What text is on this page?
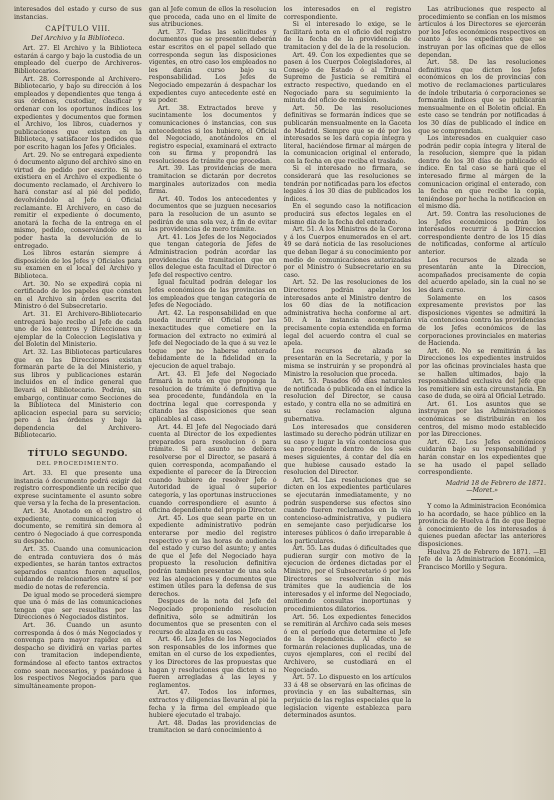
interesados del estado y curso de sus instancias.

CAPÍTULO VIII.
Del Archivo y la Biblioteca.

Art. 27. El Archivo y la Biblioteca estarán á cargo y bajo la custodia de un empleado del cuerpo de Archiveros-Bibliotecarios.

Art. 28. Corresponde al Archivero-Bibliotecario, y bajo su dirección á los empleados y dependientes que tenga á sus órdenes, custodiar, clasificar y ordenar con los oportunos índices los expedientes y documentos que formen el Archivo, los libros, cuadernos y publicaciones que existen en la Biblioteca, y satisfacer los pedidos que por escrito hagan los Jefes y Oficiales.

Art. 29. No se entregará expediente ó documento alguno del archivo sino en virtud de pedido por escrito. Si no existiera en el Archivo el expediente ó documento reclamado, el Archivero lo hará constar así al pié del pedido, devolviéndolo al Jefe ú Oficial reclamante. El Archivero, en caso de remitir el expediente ó documento, anotará la fecha de la entrega en el mismo, pedido, conservándolo en su poder hasta la devolución de lo entregado.

Los libros estarán siempre á disposición de los Jefes y Oficiales para su examen en el local del Archivo y Biblioteca.

Art. 30. No se expedirá copia ni certificado de los papeles que consten en el Archivo sin órden escrita del Ministro ó del Subsecretario.

Art. 31. El Archivero-Bibliotecario entregará bajo recibo al Jefe de cada uno de los centros y Direcciones un ejemplar de la Coleccion Legislativa y del Boletin del Ministerio.

Art. 32. Las Bibliotecas particulares que en las Direcciones existan formarán parte de la del Ministerio, y sus libros y publicaciones estarán incluidos en el índice general que llevará el Bibliotecario. Podrán, sin embargo, continuar como Secciones de la Biblioteca del Ministerio con aplicacion especial para su servicio; pero á las órdenes y bajo la dependencia del Archivero-Bibliotecario.

TÍTULO SEGUNDO.
DEL PROCEDIMIENTO.

Art. 33. El que presente una instancia ó documento podrá exigir del registro correspondiente un recibo que exprese sucintamente el asunto sobre que versa y la fecha de la presentacion.

Art. 34. Anotado en el registro el expediente, comunicacion ó documento, se remitirá sin demora al centro ó Negociado á que corresponda su despacho.

Art. 35. Cuando una comunicacion de entrada contuviera dos ó más expedientes, se harán tantos extractos separados cuantos fueren aquellos, cuidando de relacionarlos entre sí por medio de notas de referencia.

De igual modo se procederá siempre que una ó más de las comunicaciones tengan que ser resueltas por las Direcciones ó Negociados distintos.

Art. 36. Cuando un asunto corresponda á dos ó más Negociados y convenga para mayor rapidez en el despacho se dividirá en varias partes con tramitacion independiente, formándose al efecto tantos extractos como sean necesarios, y pasándose á los respectivos Negociados para que simultáneamente propon-

gan al Jefe comun de ellos la resolucion que proceda, cada uno en el límite de sus atribuciones.

Art. 37. Todas las solicitudes y documentos que se presenten deberán estar escritos en el papel sellado que corresponda segun las disposiciones vigentes, en otro caso los empleados no les darán curso bajo su responsabilidad. Los Jefes de Negociado empezarán á despachar los expedientes cuyo antecedente esté en su poder.

Art. 38. Extractados breve y sucintamente los documentos y comunicaciones ó instancias, con sus antecedentes si los hubiere, el Oficial del Negociado, anotándolos en el registro especial, examinará el extracto con su firma y propondrá las resoluciones de trámite que procedan.

Art. 39. Las providencias de mera tramitacion se dictarán por decretos marginales autorizados con media firma.

Art. 40. Todos los antecedentes y documentos que se juzguen necesarios para la resolucion de un asunto se pedirán de una sola vez, á fin de evitar las providencias de mero trámite.

Art. 41. Los Jefes de los Negociados que tengan categoría de Jefes de Administracion podrán acordar las providencias de tramitacion que en ellos delegue esta facultad el Director ó Jefe del respectivo centro.

Igual facultad podrán delegar los Jefes económicos de las provincias en los empleados que tengan categoría de Jefes de Negociado.

Art. 42. La responsabilidad en que pueda incurrir el Oficial por las inexactitudes que cometiere en la formacion del extracto no eximirá al Jefe del Negociado de la que á su vez le toque por no haberse enterado debidamente de la fidelidad en la ejecucion de aquel trabajo.

Art. 43. El Jefe del Negociado firmará la nota en que proponga la resolucion de trámite ó definitiva que sea procedente, fundándola en la doctrina legal que corresponda y citando las disposiciones que sean aplicables al caso.

Art. 44. El Jefe del Negociado dará cuenta al Director de los expedientes preparados para resolucion ó para trámite. Si el asunto no debiera resolverse por el Director, se pasará á quien corresponda, acompañando el expediente el parecer de la Direccion cuando hubiere de resolver Jefe ó Autoridad de igual ó superior categoría, y las oportunas instrucciones cuando correspondiere el asunto á oficina dependiente del propio Director.

Art. 45. Los que sean parte en un expediente administrativo podrán enterarse por medio del registro respectivo y en las horas de audiencia del estado y curso del asunto; y antes de que el Jefe del Negociado haya propuesto la resolucion definitiva podrán tambien presentar de una sola vez las alegaciones y documentos que estimen útiles para la defensa de sus derechos.

Despues de la nota del Jefe del Negociado proponiendo resolucion definitiva, sólo se admitirán los documentos que se presenten con el recurso de alzada en su caso.

Art. 46. Los Jefes de los Negociados son responsables de los informes que emitan en el curso de los expedientes, y los Directores de las propuestas que hagan y resoluciones que dicten si no fueren arregladas á las leyes y reglamentos.

Art. 47. Todos los informes, extractos y diligencias llevarán al pié la fecha y la firma del empleado que hubiere ejecutado el trabajo.

Art. 48. Dadas las providencias de tramitacion se dará conocimiento á

los interesados en el registro correspondiente.

Si el interesado lo exige, se le facilitará nota en el oficio del registro de la fecha de la providencia de tramitacion y del de la de la resolucion.

Art. 49. Con los expedientes que se pasen á los Cuerpos Colegisladores, al Consejo de Estado ó al Tribunal Supremo de Justicia se remitirá el extracto respectivo, quedando en el Negociado para su seguimiento la minuta del oficio de remision.

Art. 50. De las resoluciones definitivas se formarán índices que se publicarán mensualmente en la Gaceta de Madrid. Siempre que se dé por los interesados se les dará copia íntegra y literal, haciéndose firmar al márgen de la comunicacion original el enterado, con la fecha en que reciba el traslado.

Si el interesado no firmara, se considerará que las resoluciones se tendrán por notificadas para los efectos legales á los 30 días de publicados los índices.

En el segundo caso la notificacion producirá sus efectos legales en el mismo día de la fecha del enterado.

Art. 51. A los Ministros de la Corona y á los Cuerpos enumerados en el art. 49 se dará noticia de las resoluciones que deban llegar á su conocimiento por medio de comunicaciones autorizadas por el Ministro ó Subsecretario en su caso.

Art. 52. De las resoluciones de los Directores podrán apelar los interesados ante el Ministro dentro de los 60 días de la notificacion administrativa hecha conforme al art. 50. A la instancia acompañarán precisamente copia extendida en forma legal del acuerdo contra el cual se apela.

Los recursos de alzada se presentarán en la Secretaría, y por la misma se instruirán y se propondrá al Ministro la resolucion que proceda.

Art. 53. Pasados 60 días naturales de notificada ó publicada en el índice la resolucion del Director, se causa estado, y contra ella no se admitirá en su caso reclamacion alguna gubernativa.

Los interesados que consideren lastimado su derecho podrán utilizar en su caso y lugar la vía contenciosa que sea procedente dentro de los seis meses siguientes, á contar del día en que hubiese causado estado la resolucion del Director.

Art. 54. Las resoluciones que se dicten en los expedientes particulares se ejecutarán inmediatamente, y no podrán suspenderse sus efectos sino cuando fueren reclamados en la vía contencioso-administrativa, y pudiera en semejante caso perjudicarse los intereses públicos ó daño irreparable á los particulares.

Art. 55. Las dudas ó dificultades que pudieran surgir con motivo de la ejecucion de órdenes dictadas por el Ministro, por el Subsecretario ó por los Directores se resolverán sin más trámites que la audiencia de los interesados y el informe del Negociado, omitiendo consultas inoportunas y procedimientos dilatorios.

Art. 56. Los expedientes fenecidos se remitirán al Archivo cada seis meses ó en el período que determine el Jefe de la dependencia. Al efecto se formarán relaciones duplicadas, una de cuyos ejemplares, con el recibí del Archivero, se custodiará en el Negociado.

Art. 57. Lo dispuesto en los artículos 33 á 48 se observará en las oficinas de provincia y en las subalternas, sin perjuicio de las reglas especiales que la legislacion vigente establezca para determinados asuntos.

Las atribuciones que respecto al procedimiento se confían en los mismos artículos á los Directores se ejercerán por los Jefes económicos respectivos en cuanto á los expedientes que se instruyan por las oficinas que de ellos dependan.

Art. 58. De las resoluciones definitivas que dicten los Jefes económicos en los de provincias con motivo de reclamaciones particulares de índole tributaria ó corporaciones se formarán índices que se publicarán mensualmente en el Boletin oficial. En este caso se tendrán por notificadas á los 30 días de publicado el índice en que se comprendan.

Los interesados en cualquier caso podrán pedir copia íntegra y literal de la resolucion, siempre que la pidan dentro de los 30 días de publicado el índice. En tal caso se hará que el interesado firme al márgen de la comunicacion original el enterado, con la fecha en que recibe la copia, teniéndose por hecha la notificacion en el mismo día.

Art. 59. Contra las resoluciones de los Jefes económicos podrán los interesados recurrir á la Direccion correspondiente dentro de los 15 días de notificadas, conforme al artículo anterior.

Los recursos de alzada se presentarán ante la Direccion, acompañados precisamente de copia del acuerdo apelado, sin la cual no se les dará curso.

Solamente en los casos expresamente previstos por las disposiciones vigentes se admitirá la vía contenciosa contra las providencias de los Jefes económicos de las corporaciones provinciales en materias de Hacienda.

Art. 60. No se remitirán á las Direcciones los expedientes instruidos por las oficinas provinciales hasta que se hallen ultimados, bajo la responsabilidad exclusiva del Jefe que los remitiere sin esta circunstancia. En caso de duda, se oirá al Oficial Letrado.

Art. 61. Los asuntos que se instruyan por las Administraciones económicas se distribuirán en los centros, del mismo modo establecido por las Direcciones.

Art. 62. Los Jefes económicos cuidarán bajo su responsabilidad y harán constar en los expedientes que se ha usado el papel sellado correspondiente.

Madrid 18 de Febrero de 1871.
—Moret.»

Y como la Administracion Económica lo ha acordado, se hace público en la provincia de Huelva á fin de que llegue á conocimiento de los interesados á quienes puedan afectar las anteriores disposiciones.

Huelva 25 de Febrero de 1871. —El Jefe de la Administracion Económica, Francisco Morillo y Segura.
